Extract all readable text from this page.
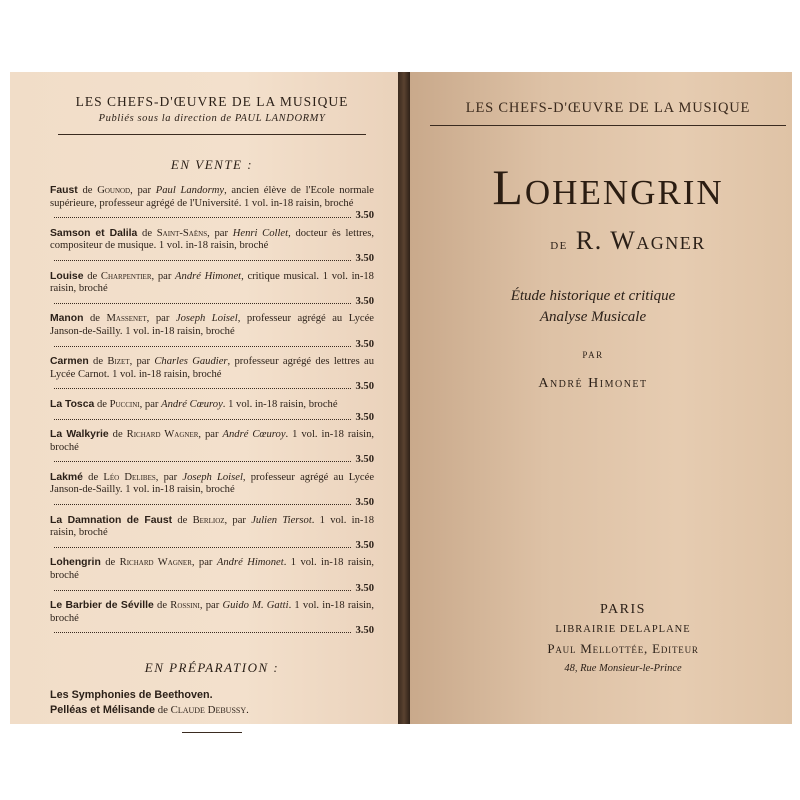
LES CHEFS-D'ŒUVRE DE LA MUSIQUE
Publiés sous la direction de PAUL LANDORMY
EN VENTE :
Faust de Gounod, par Paul Landormy, ancien élève de l'Ecole normale supérieure, professeur agrégé de l'Université. 1 vol. in-18 raisin, broché
3.50
Samson et Dalila de Saint-Saëns, par Henri Collet, docteur ès lettres, compositeur de musique. 1 vol. in-18 raisin, broché
3.50
Louise de Charpentier, par André Himonet, critique musical. 1 vol. in-18 raisin, broché
3.50
Manon de Massenet, par Joseph Loisel, professeur agrégé au Lycée Janson-de-Sailly. 1 vol. in-18 raisin, broché
3.50
Carmen de Bizet, par Charles Gaudier, professeur agrégé des lettres au Lycée Carnot. 1 vol. in-18 raisin, broché
3.50
La Tosca de Puccini, par André Cœuroy. 1 vol. in-18 raisin, broché
3.50
La Walkyrie de Richard Wagner, par André Cœuroy. 1 vol. in-18 raisin, broché
3.50
Lakmé de Léo Delibes, par Joseph Loisel, professeur agrégé au Lycée Janson-de-Sailly. 1 vol. in-18 raisin, broché
3.50
La Damnation de Faust de Berlioz, par Julien Tiersot. 1 vol. in-18 raisin, broché
3.50
Lohengrin de Richard Wagner, par André Himonet. 1 vol. in-18 raisin, broché
3.50
Le Barbier de Séville de Rossini, par Guido M. Gatti. 1 vol. in-18 raisin, broché
3.50
EN PRÉPARATION :
Les Symphonies de Beethoven.
Pelléas et Mélisande de Claude Debussy.
LES CHEFS-D'ŒUVRE DE LA MUSIQUE
Lohengrin
de R. Wagner
Étude historique et critique
Analyse Musicale
PAR
André Himonet
PARIS
LIBRAIRIE DELAPLANE
Paul Mellottée, Editeur
48, Rue Monsieur-le-Prince
